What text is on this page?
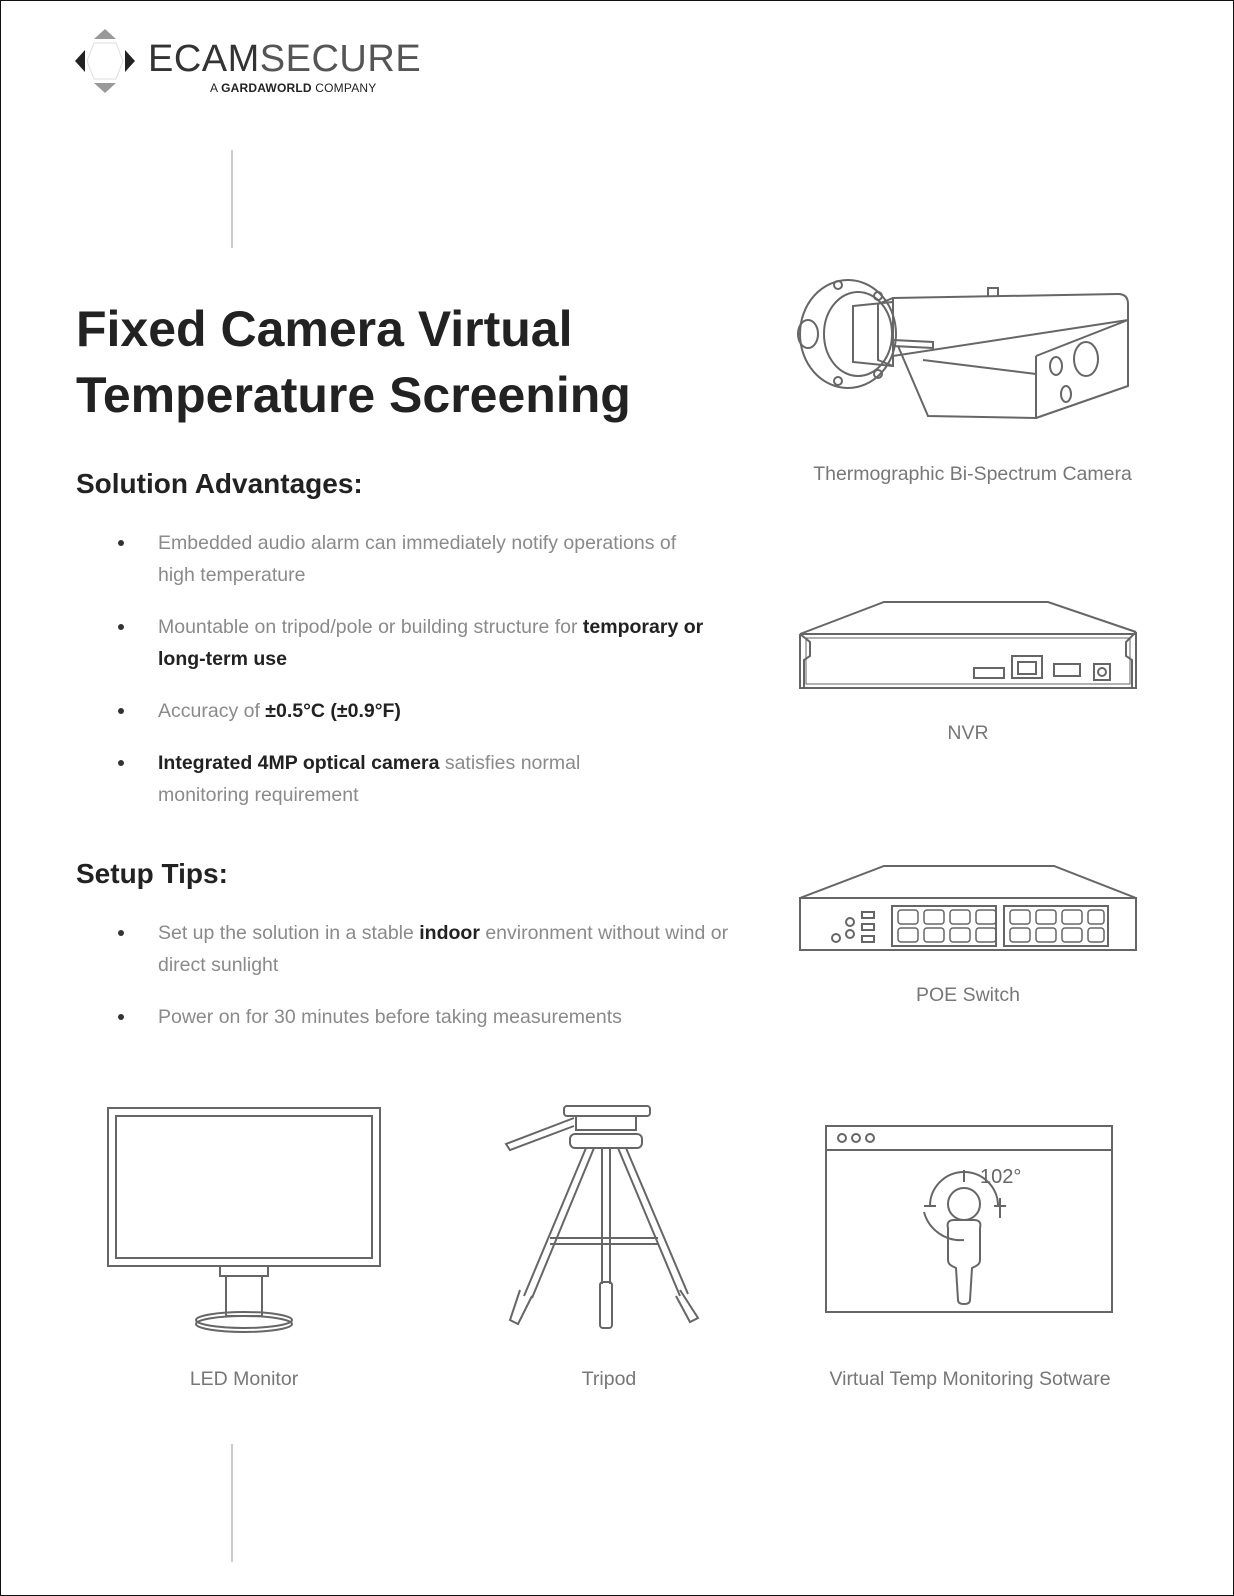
ECAMSECURE
A GARDAWORLD COMPANY
Fixed Camera Virtual
Temperature Screening
Solution Advantages:
Embedded audio alarm can immediately notify operations of high temperature
Mountable on tripod/pole or building structure for temporary or long-term use
Accuracy of ±0.5°C (±0.9°F)
Integrated 4MP optical camera satisfies normal monitoring requirement
Setup Tips:
Set up the solution in a stable indoor environment without wind or direct sunlight
Power on for 30 minutes before taking measurements
Thermographic Bi-Spectrum Camera
NVR
POE Switch
LED Monitor	Tripod
102°
Virtual Temp Monitoring Sotware
